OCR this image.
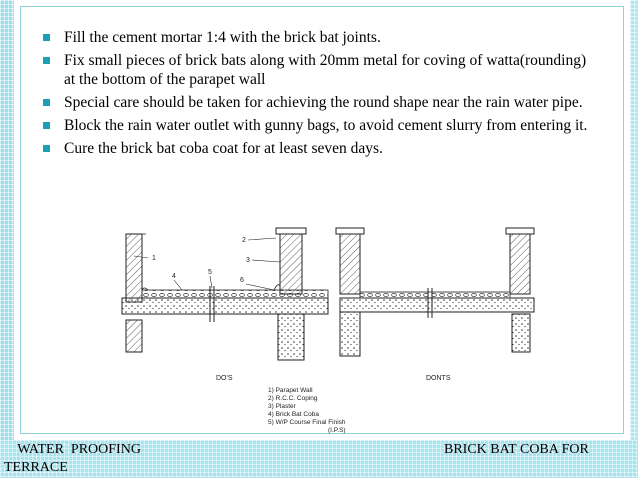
Fill the cement mortar 1:4 with the brick bat joints.
Fix small pieces of brick bats along with 20mm metal for coving of watta(rounding) at the bottom of the parapet wall
Special care should be taken for achieving the round shape near the rain water pipe.
Block the rain water outlet with gunny bags, to avoid cement slurry from entering it.
Cure the brick bat coba coat for at least seven days.
1
2
3
4
5
6
DO'S	DONTS
1) Parapet Wall
2) R.C.C. Coping
3) Plaster
4) Brick Bat Coba
5) W/P Course Final Finish
(I.P.S)
WATER  PROOFING	BRICK BAT COBA FOR
TERRACE
